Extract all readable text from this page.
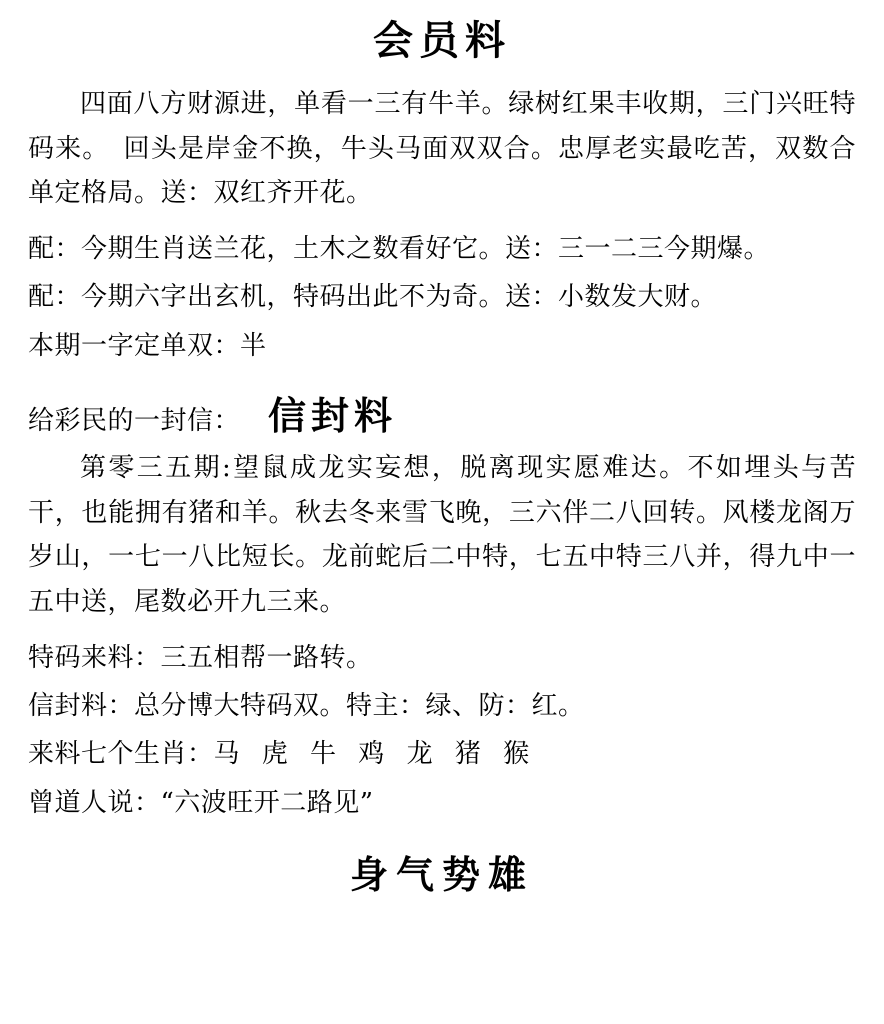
会员料
四面八方财源进，单看一三有牛羊。绿树红果丰收期，三门兴旺特码来。　回头是岸金不换，牛头马面双双合。忠厚老实最吃苦，双数合单定格局。送：双红齐开花。
配：今期生肖送兰花，土木之数看好它。送：三一二三今期爆。
配：今期六字出玄机，特码出此不为奇。送：小数发大财。
本期一字定单双：半
给彩民的一封信： 信封料
第零三五期:望鼠成龙实妄想，脱离现实愿难达。不如埋头与苦干，也能拥有猪和羊。秋去冬来雪飞晚，三六伴二八回转。风楼龙阁万岁山，一七一八比短长。龙前蛇后二中特，七五中特三八并，得九中一五中送，尾数必开九三来。
特码来料：三五相帮一路转。
信封料：总分博大特码双。特主：绿、防：红。
来料七个生肖：马 虎 牛 鸡 龙 猪 猴
曾道人说：“六波旺开二路见”
身气势雄
